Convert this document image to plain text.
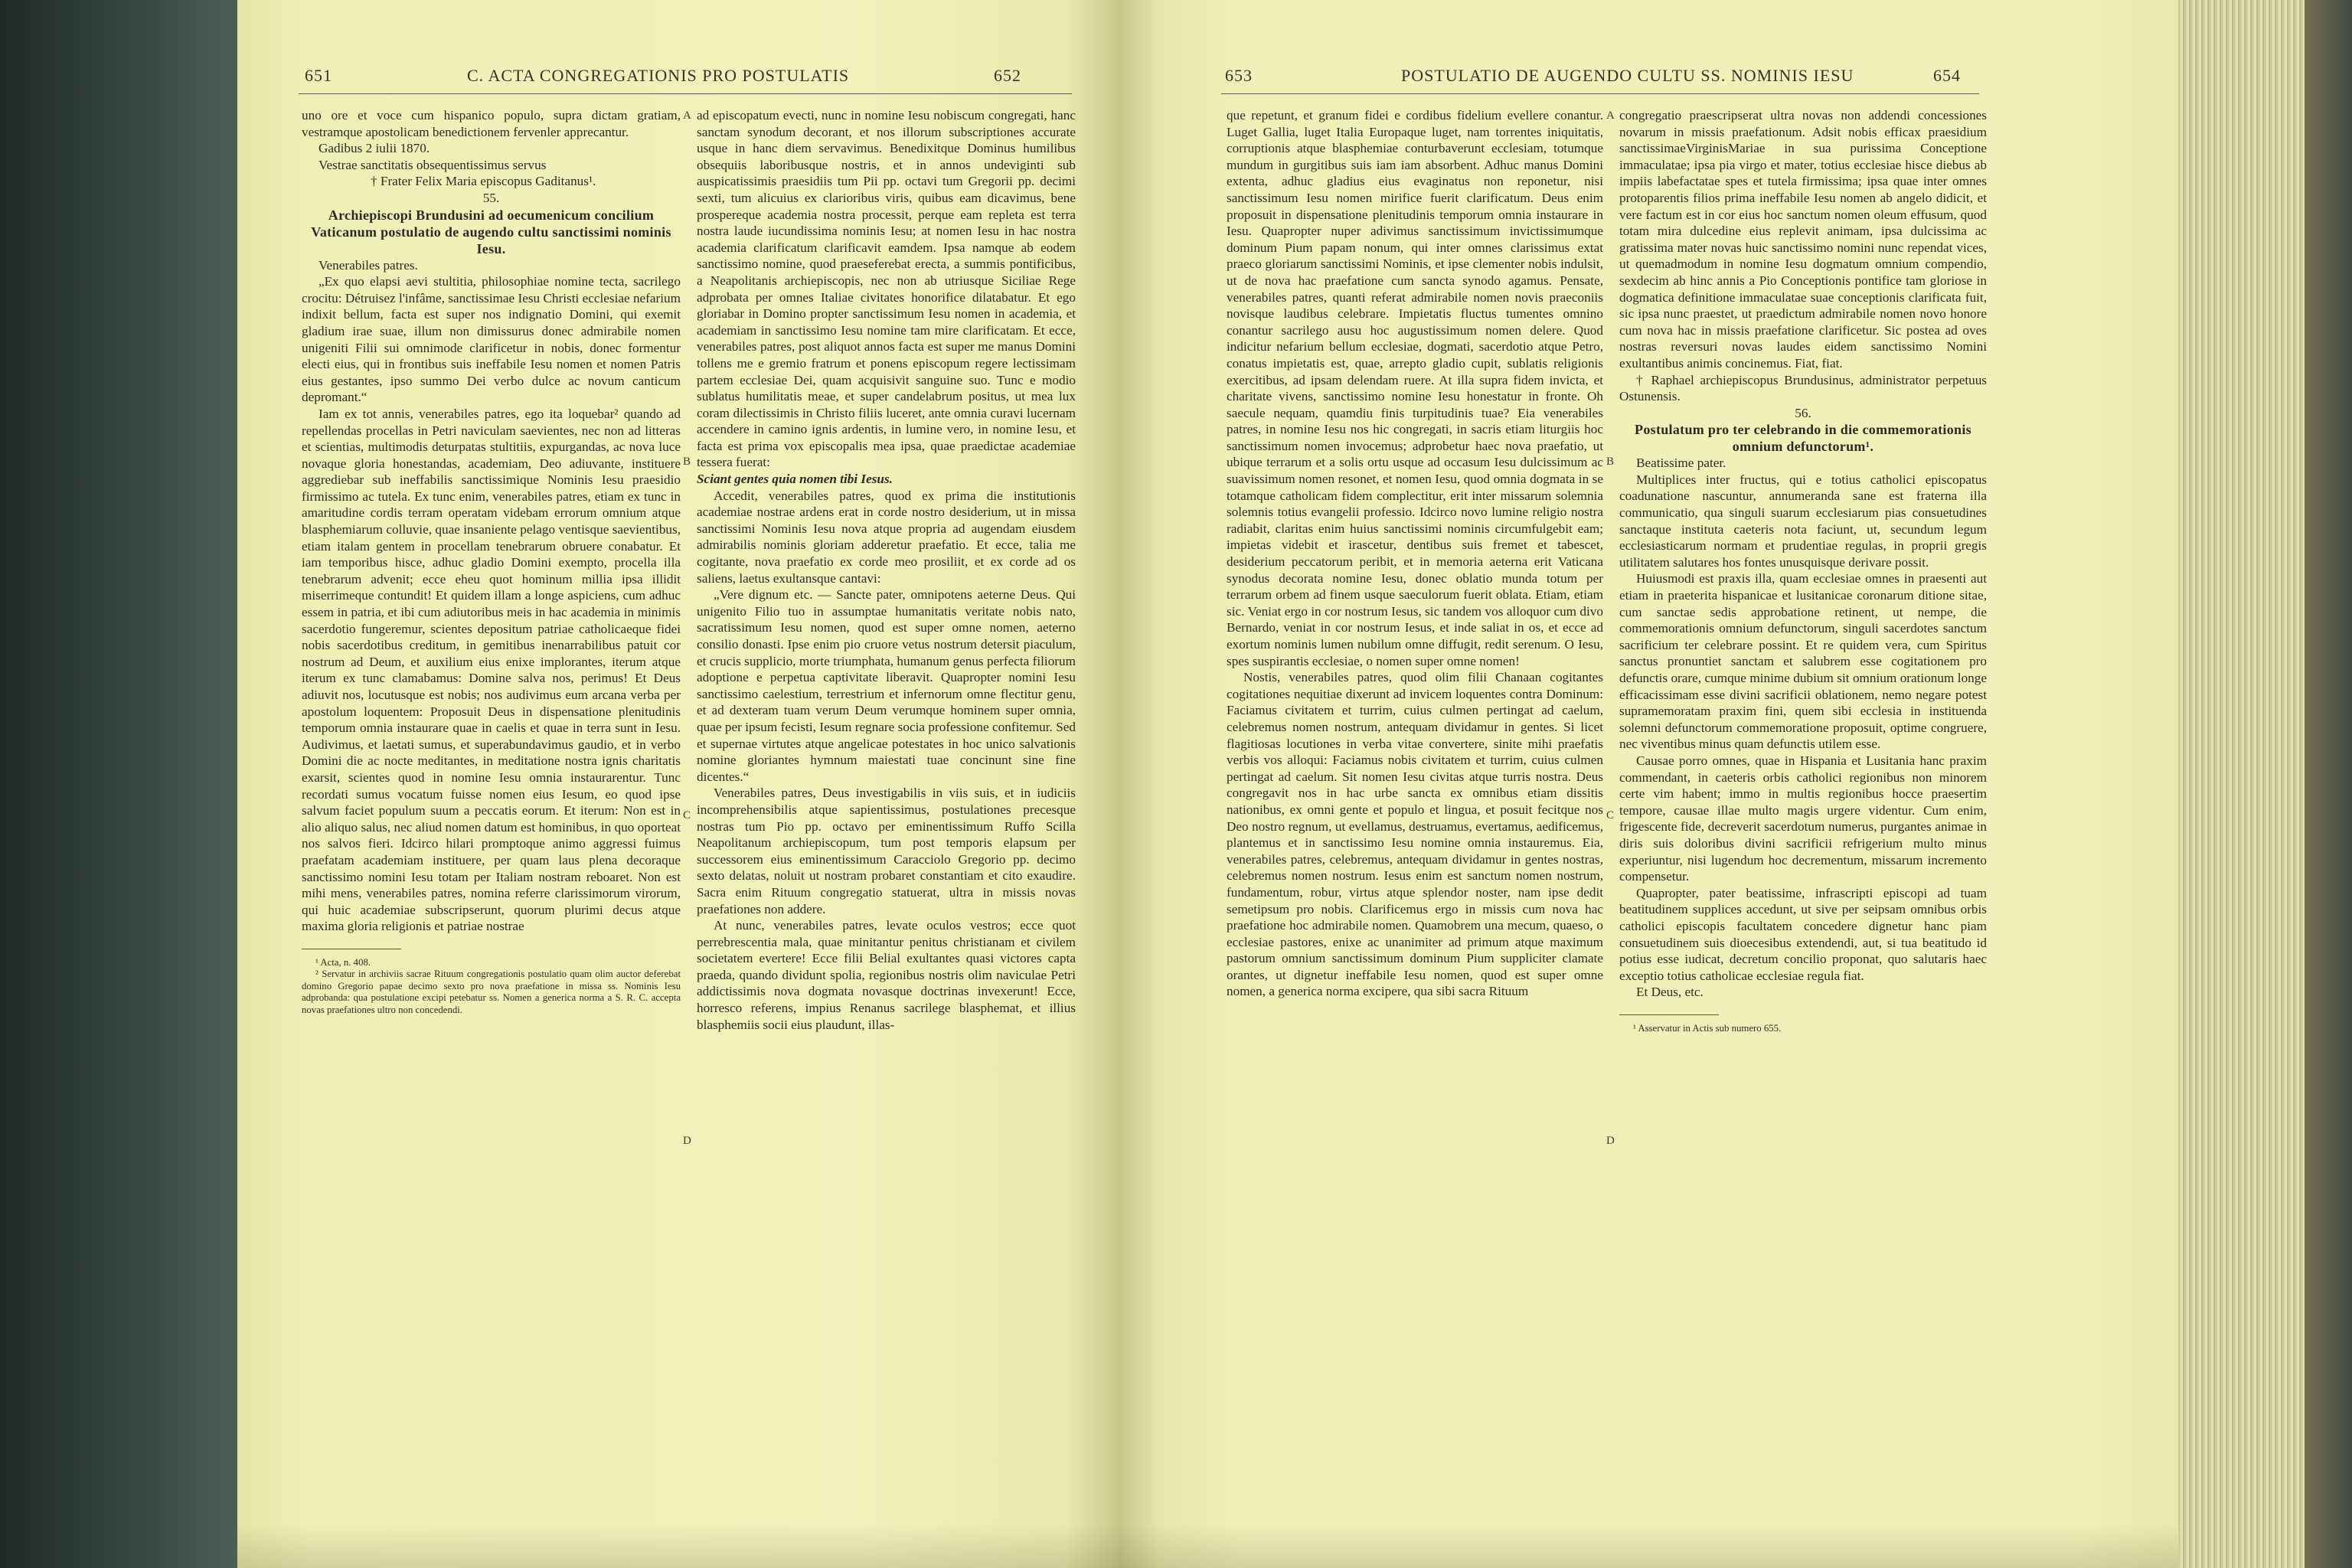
651	C. ACTA CONGREGATIONIS PRO POSTULATIS	652

uno ore et voce cum hispanico populo, supra dictam gratiam, vestramque apostolicam benedictionem fervenler apprecantur.

Gadibus 2 iulii 1870.

Vestrae sanctitatis obsequentissimus servus

† Frater Felix Maria episcopus Gaditanus¹.

55.

Archiepiscopi Brundusini ad oecumenicum concilium Vaticanum postulatio de augendo cultu sanctissimi nominis Iesu.

Venerabiles patres.

„Ex quo elapsi aevi stultitia, philosophiae nomine tecta, sacrilego crocitu: Détruisez l'infâme, sanctissimae Iesu Christi ecclesiae nefarium indixit bellum, facta est super nos indignatio Domini, qui exemit gladium irae suae, illum non dimissurus donec admirabile nomen unigeniti Filii sui omnimode clarificetur in nobis, donec formentur electi eius, qui in frontibus suis ineffabile Iesu nomen et nomen Patris eius gestantes, ipso summo Dei verbo dulce ac novum canticum depromant.“

Iam ex tot annis, venerabiles patres, ego ita loquebar² quando ad repellendas procellas in Petri naviculam saevientes, nec non ad litteras et scientias, multimodis deturpatas stultitiis, expurgandas, ac nova luce novaque gloria honestandas, academiam, Deo adiuvante, instituere aggrediebar sub ineffabilis sanctissimique Nominis Iesu praesidio firmissimo ac tutela. Ex tunc enim, venerabiles patres, etiam ex tunc in amaritudine cordis terram operatam videbam errorum omnium atque blasphemiarum colluvie, quae insaniente pelago ventisque saevientibus, etiam italam gentem in procellam tenebrarum obruere conabatur. Et iam temporibus hisce, adhuc gladio Domini exempto, procella illa tenebrarum advenit; ecce eheu quot hominum millia ipsa illidit miserrimeque contundit! Et quidem illam a longe aspiciens, cum adhuc essem in patria, et ibi cum adiutoribus meis in hac academia in minimis sacerdotio fungeremur, scientes depositum patriae catholicaeque fidei nobis sacerdotibus creditum, in gemitibus inenarrabilibus patuit cor nostrum ad Deum, et auxilium eius enixe implorantes, iterum atque iterum ex tunc clamabamus: Domine salva nos, perimus! Et Deus adiuvit nos, locutusque est nobis; nos audivimus eum arcana verba per apostolum loquentem: Proposuit Deus in dispensatione plenitudinis temporum omnia instaurare quae in caelis et quae in terra sunt in Iesu. Audivimus, et laetati sumus, et superabundavimus gaudio, et in verbo Domini die ac nocte meditantes, in meditatione nostra ignis charitatis exarsit, scientes quod in nomine Iesu omnia instaurarentur. Tunc recordati sumus vocatum fuisse nomen eius Iesum, eo quod ipse salvum faciet populum suum a peccatis eorum. Et iterum: Non est in alio aliquo salus, nec aliud nomen datum est hominibus, in quo oporteat nos salvos fieri. Idcirco hilari promptoque animo aggressi fuimus praefatam academiam instituere, per quam laus plena decoraque sanctissimo nomini Iesu totam per Italiam nostram reboaret. Non est mihi mens, venerabiles patres, nomina referre clarissimorum virorum, qui huic academiae subscripserunt, quorum plurimi decus atque maxima gloria religionis et patriae nostrae

¹ Acta, n. 408.

² Servatur in archiviis sacrae Rituum congregationis postulatio quam olim auctor deferebat domino Gregorio papae decimo sexto pro nova praefatione in missa ss. Nominis Iesu adprobanda: qua postulatione excipi petebatur ss. Nomen a generica norma a S. R. C. accepta novas praefationes ultro non concedendi.

A
B
C
D

ad episcopatum evecti, nunc in nomine Iesu nobiscum congregati, hanc sanctam synodum decorant, et nos illorum subscriptiones accurate usque in hanc diem servavimus. Benedixitque Dominus humilibus obsequiis laboribusque nostris, et in annos undeviginti sub auspicatissimis praesidiis tum Pii pp. octavi tum Gregorii pp. decimi sexti, tum alicuius ex clarioribus viris, quibus eam dicavimus, bene prospereque academia nostra processit, perque eam repleta est terra nostra laude iucundissima nominis Iesu; at nomen Iesu in hac nostra academia clarificatum clarificavit eamdem. Ipsa namque ab eodem sanctissimo nomine, quod praeseferebat erecta, a summis pontificibus, a Neapolitanis archiepiscopis, nec non ab utriusque Siciliae Rege adprobata per omnes Italiae civitates honorifice dilatabatur. Et ego gloriabar in Domino propter sanctissimum Iesu nomen in academia, et academiam in sanctissimo Iesu nomine tam mire clarificatam. Et ecce, venerabiles patres, post aliquot annos facta est super me manus Domini tollens me e gremio fratrum et ponens episcopum regere lectissimam partem ecclesiae Dei, quam acquisivit sanguine suo. Tunc e modio sublatus humilitatis meae, et super candelabrum positus, ut mea lux coram dilectissimis in Christo filiis luceret, ante omnia curavi lucernam accendere in camino ignis ardentis, in lumine vero, in nomine Iesu, et facta est prima vox episcopalis mea ipsa, quae praedictae academiae tessera fuerat:

Sciant gentes quia nomen tibi Iesus.

Accedit, venerabiles patres, quod ex prima die institutionis academiae nostrae ardens erat in corde nostro desiderium, ut in missa sanctissimi Nominis Iesu nova atque propria ad augendam eiusdem admirabilis nominis gloriam adderetur praefatio. Et ecce, talia me cogitante, nova praefatio ex corde meo prosiliit, et ex corde ad os saliens, laetus exultansque cantavi:

„Vere dignum etc. — Sancte pater, omnipotens aeterne Deus. Qui unigenito Filio tuo in assumptae humanitatis veritate nobis nato, sacratissimum Iesu nomen, quod est super omne nomen, aeterno consilio donasti. Ipse enim pio cruore vetus nostrum detersit piaculum, et crucis supplicio, morte triumphata, humanum genus perfecta filiorum adoptione e perpetua captivitate liberavit. Quapropter nomini Iesu sanctissimo caelestium, terrestrium et infernorum omne flectitur genu, et ad dexteram tuam verum Deum verumque hominem super omnia, quae per ipsum fecisti, Iesum regnare socia professione confitemur. Sed et supernae virtutes atque angelicae potestates in hoc unico salvationis nomine gloriantes hymnum maiestati tuae concinunt sine fine dicentes.“

Venerabiles patres, Deus investigabilis in viis suis, et in iudiciis incomprehensibilis atque sapientissimus, postulationes precesque nostras tum Pio pp. octavo per eminentissimum Ruffo Scilla Neapolitanum archiepiscopum, tum post temporis elapsum per successorem eius eminentissimum Caracciolo Gregorio pp. decimo sexto delatas, noluit ut nostram probaret constantiam et cito exaudire. Sacra enim Rituum congregatio statuerat, ultra in missis novas praefationes non addere.

At nunc, venerabiles patres, levate oculos vestros; ecce quot perrebrescentia mala, quae minitantur penitus christianam et civilem societatem evertere! Ecce filii Belial exultantes quasi victores capta praeda, quando dividunt spolia, regionibus nostris olim naviculae Petri addictissimis nova dogmata novasque doctrinas invexerunt! Ecce, horresco referens, impius Renanus sacrilege blasphemat, et illius blasphemiis socii eius plaudunt, illas-

653	POSTULATIO DE AUGENDO CULTU SS. NOMINIS IESU	654

que repetunt, et granum fidei e cordibus fidelium evellere conantur. Luget Gallia, luget Italia Europaque luget, nam torrentes iniquitatis, corruptionis atque blasphemiae conturbaverunt ecclesiam, totumque mundum in gurgitibus suis iam iam absorbent. Adhuc manus Domini extenta, adhuc gladius eius evaginatus non reponetur, nisi sanctissimum Iesu nomen mirifice fuerit clarificatum. Deus enim proposuit in dispensatione plenitudinis temporum omnia instaurare in Iesu. Quapropter nuper adivimus sanctissimum invictissimumque dominum Pium papam nonum, qui inter omnes clarissimus extat praeco gloriarum sanctissimi Nominis, et ipse clementer nobis indulsit, ut de nova hac praefatione cum sancta synodo agamus. Pensate, venerabiles patres, quanti referat admirabile nomen novis praeconiis novisque laudibus celebrare. Impietatis fluctus tumentes omnino conantur sacrilego ausu hoc augustissimum nomen delere. Quod indicitur nefarium bellum ecclesiae, dogmati, sacerdotio atque Petro, conatus impietatis est, quae, arrepto gladio cupit, sublatis religionis exercitibus, ad ipsam delendam ruere. At illa supra fidem invicta, et charitate vivens, sanctissimo nomine Iesu honestatur in fronte. Oh saecule nequam, quamdiu finis turpitudinis tuae? Eia venerabiles patres, in nomine Iesu nos hic congregati, in sacris etiam liturgiis hoc sanctissimum nomen invocemus; adprobetur haec nova praefatio, ut ubique terrarum et a solis ortu usque ad occasum Iesu dulcissimum ac suavissimum nomen resonet, et nomen Iesu, quod omnia dogmata in se totamque catholicam fidem complectitur, erit inter missarum solemnia solemnis totius evangelii professio. Idcirco novo lumine religio nostra radiabit, claritas enim huius sanctissimi nominis circumfulgebit eam; impietas videbit et irascetur, dentibus suis fremet et tabescet, desiderium peccatorum peribit, et in memoria aeterna erit Vaticana synodus decorata nomine Iesu, donec oblatio munda totum per terrarum orbem ad finem usque saeculorum fuerit oblata. Etiam, etiam sic. Veniat ergo in cor nostrum Iesus, sic tandem vos alloquor cum divo Bernardo, veniat in cor nostrum Iesus, et inde saliat in os, et ecce ad exortum nominis lumen nubilum omne diffugit, redit serenum. O Iesu, spes suspirantis ecclesiae, o nomen super omne nomen!

Nostis, venerabiles patres, quod olim filii Chanaan cogitantes cogitationes nequitiae dixerunt ad invicem loquentes contra Dominum: Faciamus civitatem et turrim, cuius culmen pertingat ad caelum, celebremus nomen nostrum, antequam dividamur in gentes. Si licet flagitiosas locutiones in verba vitae convertere, sinite mihi praefatis verbis vos alloqui: Faciamus nobis civitatem et turrim, cuius culmen pertingat ad caelum. Sit nomen Iesu civitas atque turris nostra. Deus congregavit nos in hac urbe sancta ex omnibus etiam dissitis nationibus, ex omni gente et populo et lingua, et posuit fecitque nos Deo nostro regnum, ut evellamus, destruamus, evertamus, aedificemus, plantemus et in sanctissimo Iesu nomine omnia instauremus. Eia, venerabiles patres, celebremus, antequam dividamur in gentes nostras, celebremus nomen nostrum. Iesus enim est sanctum nomen nostrum, fundamentum, robur, virtus atque splendor noster, nam ipse dedit semetipsum pro nobis. Clarificemus ergo in missis cum nova hac praefatione hoc admirabile nomen. Quamobrem una mecum, quaeso, o ecclesiae pastores, enixe ac unanimiter ad primum atque maximum pastorum omnium sanctissimum dominum Pium suppliciter clamate orantes, ut dignetur ineffabile Iesu nomen, quod est super omne nomen, a generica norma excipere, qua sibi sacra Rituum

A
B
C
D

congregatio praescripserat ultra novas non addendi concessiones novarum in missis praefationum. Adsit nobis efficax praesidium sanctissimaeVirginisMariae in sua purissima Conceptione immaculatae; ipsa pia virgo et mater, totius ecclesiae hisce diebus ab impiis labefactatae spes et tutela firmissima; ipsa quae inter omnes protoparentis filios prima ineffabile Iesu nomen ab angelo didicit, et vere factum est in cor eius hoc sanctum nomen oleum effusum, quod totam mira dulcedine eius replevit animam, ipsa dulcissima ac gratissima mater novas huic sanctissimo nomini nunc rependat vices, ut quemadmodum in nomine Iesu dogmatum omnium compendio, sexdecim ab hinc annis a Pio Conceptionis pontifice tam gloriose in dogmatica definitione immaculatae suae conceptionis clarificata fuit, sic ipsa nunc praestet, ut praedictum admirabile nomen novo honore cum nova hac in missis praefatione clarificetur. Sic postea ad oves nostras reversuri novas laudes eidem sanctissimo Nomini exultantibus animis concinemus. Fiat, fiat.

† Raphael archiepiscopus Brundusinus, administrator perpetuus Ostunensis.

56.

Postulatum pro ter celebrando in die commemorationis omnium defunctorum¹.

Beatissime pater.

Multiplices inter fructus, qui e totius catholici episcopatus coadunatione nascuntur, annumeranda sane est fraterna illa communicatio, qua singuli suarum ecclesiarum pias consuetudines sanctaque instituta caeteris nota faciunt, ut, secundum legum ecclesiasticarum normam et prudentiae regulas, in proprii gregis utilitatem salutares hos fontes unusquisque derivare possit.

Huiusmodi est praxis illa, quam ecclesiae omnes in praesenti aut etiam in praeterita hispanicae et lusitanicae coronarum ditione sitae, cum sanctae sedis approbatione retinent, ut nempe, die commemorationis omnium defunctorum, singuli sacerdotes sanctum sacrificium ter celebrare possint. Et re quidem vera, cum Spiritus sanctus pronuntiet sanctam et salubrem esse cogitationem pro defunctis orare, cumque minime dubium sit omnium orationum longe efficacissimam esse divini sacrificii oblationem, nemo negare potest supramemoratam praxim fini, quem sibi ecclesia in instituenda solemni defunctorum commemoratione proposuit, optime congruere, nec viventibus minus quam defunctis utilem esse.

Causae porro omnes, quae in Hispania et Lusitania hanc praxim commendant, in caeteris orbis catholici regionibus non minorem certe vim habent; immo in multis regionibus hocce praesertim tempore, causae illae multo magis urgere videntur. Cum enim, frigescente fide, decreverit sacerdotum numerus, purgantes animae in diris suis doloribus divini sacrificii refrigerium multo minus experiuntur, nisi lugendum hoc decrementum, missarum incremento compensetur.

Quapropter, pater beatissime, infrascripti episcopi ad tuam beatitudinem supplices accedunt, ut sive per seipsam omnibus orbis catholici episcopis facultatem concedere dignetur hanc piam consuetudinem suis dioecesibus extendendi, aut, si tua beatitudo id potius esse iudicat, decretum concilio proponat, quo salutaris haec exceptio totius catholicae ecclesiae regula fiat.

Et Deus, etc.

¹ Asservatur in Actis sub numero 655.
